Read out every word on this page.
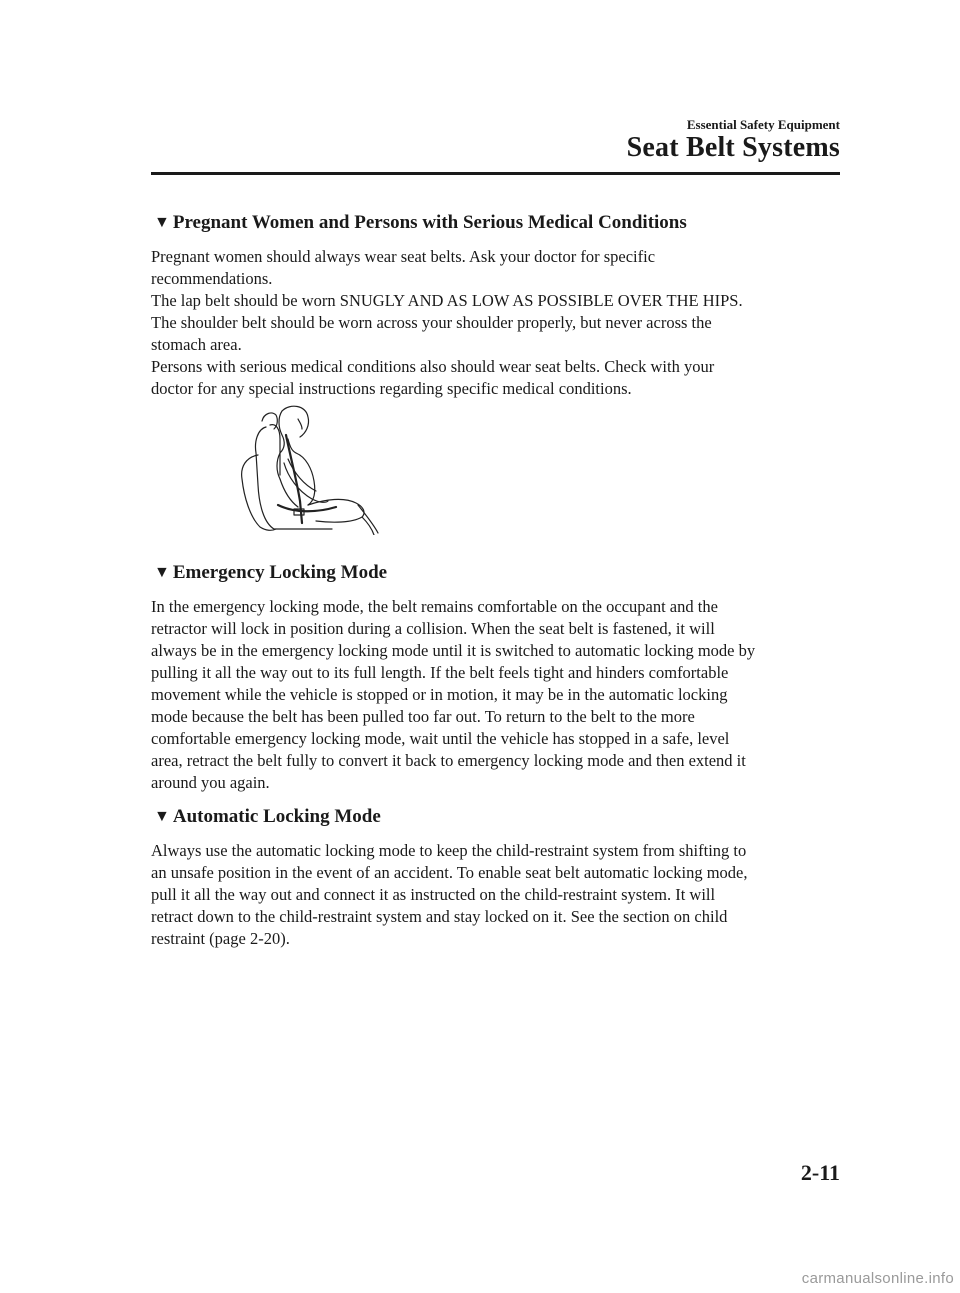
Essential Safety Equipment
Seat Belt Systems
▼ Pregnant Women and Persons with Serious Medical Conditions
Pregnant women should always wear seat belts. Ask your doctor for specific
recommendations.
The lap belt should be worn SNUGLY AND AS LOW AS POSSIBLE OVER THE HIPS.
The shoulder belt should be worn across your shoulder properly, but never across the
stomach area.
Persons with serious medical conditions also should wear seat belts. Check with your
doctor for any special instructions regarding specific medical conditions.
▼ Emergency Locking Mode
In the emergency locking mode, the belt remains comfortable on the occupant and the
retractor will lock in position during a collision. When the seat belt is fastened, it will
always be in the emergency locking mode until it is switched to automatic locking mode by
pulling it all the way out to its full length. If the belt feels tight and hinders comfortable
movement while the vehicle is stopped or in motion, it may be in the automatic locking
mode because the belt has been pulled too far out. To return to the belt to the more
comfortable emergency locking mode, wait until the vehicle has stopped in a safe, level
area, retract the belt fully to convert it back to emergency locking mode and then extend it
around you again.
▼ Automatic Locking Mode
Always use the automatic locking mode to keep the child-restraint system from shifting to
an unsafe position in the event of an accident. To enable seat belt automatic locking mode,
pull it all the way out and connect it as instructed on the child-restraint system. It will
retract down to the child-restraint system and stay locked on it. See the section on child
restraint (page 2-20).
2-11
carmanualsonline.info
